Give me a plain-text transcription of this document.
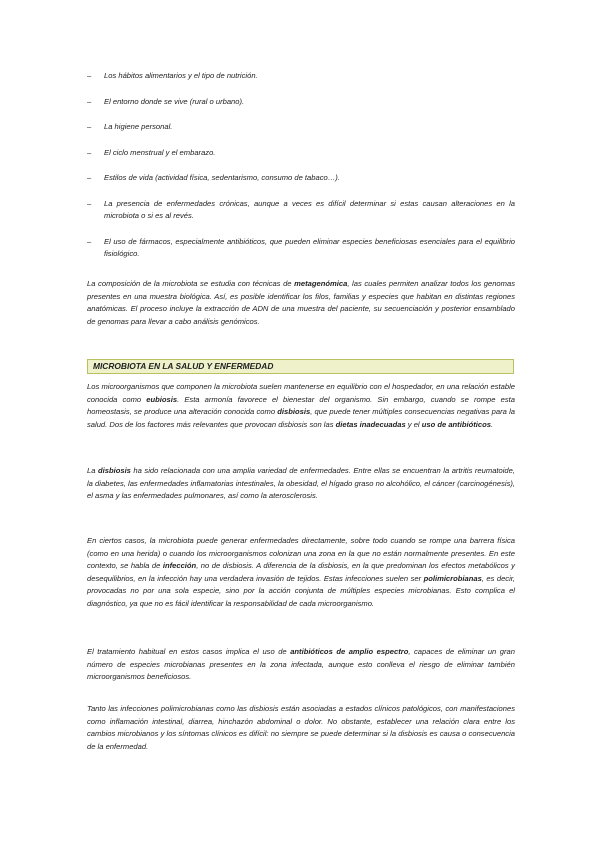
– Los hábitos alimentarios y el tipo de nutrición.
– El entorno donde se vive (rural o urbano).
– La higiene personal.
– El ciclo menstrual y el embarazo.
– Estilos de vida (actividad física, sedentarismo, consumo de tabaco…).
– La presencia de enfermedades crónicas, aunque a veces es difícil determinar si estas causan alteraciones en la microbiota o si es al revés.
– El uso de fármacos, especialmente antibióticos, que pueden eliminar especies beneficiosas esenciales para el equilibrio fisiológico.

La composición de la microbiota se estudia con técnicas de metagenómica, las cuales permiten analizar todos los genomas presentes en una muestra biológica. Así, es posible identificar los filos, familias y especies que habitan en distintas regiones anatómicas. El proceso incluye la extracción de ADN de una muestra del paciente, su secuenciación y posterior ensamblado de genomas para llevar a cabo análisis genómicos.

MICROBIOTA EN LA SALUD Y ENFERMEDAD

Los microorganismos que componen la microbiota suelen mantenerse en equilibrio con el hospedador, en una relación estable conocida como eubiosis. Esta armonía favorece el bienestar del organismo. Sin embargo, cuando se rompe esta homeostasis, se produce una alteración conocida como disbiosis, que puede tener múltiples consecuencias negativas para la salud. Dos de los factores más relevantes que provocan disbiosis son las dietas inadecuadas y el uso de antibióticos.

La disbiosis ha sido relacionada con una amplia variedad de enfermedades. Entre ellas se encuentran la artritis reumatoide, la diabetes, las enfermedades inflamatorias intestinales, la obesidad, el hígado graso no alcohólico, el cáncer (carcinogénesis), el asma y las enfermedades pulmonares, así como la aterosclerosis.

En ciertos casos, la microbiota puede generar enfermedades directamente, sobre todo cuando se rompe una barrera física (como en una herida) o cuando los microorganismos colonizan una zona en la que no están normalmente presentes. En este contexto, se habla de infección, no de disbiosis. A diferencia de la disbiosis, en la que predominan los efectos metabólicos y desequilibrios, en la infección hay una verdadera invasión de tejidos. Estas infecciones suelen ser polimicrobianas, es decir, provocadas no por una sola especie, sino por la acción conjunta de múltiples especies microbianas. Esto complica el diagnóstico, ya que no es fácil identificar la responsabilidad de cada microorganismo.

El tratamiento habitual en estos casos implica el uso de antibióticos de amplio espectro, capaces de eliminar un gran número de especies microbianas presentes en la zona infectada, aunque esto conlleva el riesgo de eliminar también microorganismos beneficiosos.

Tanto las infecciones polimicrobianas como las disbiosis están asociadas a estados clínicos patológicos, con manifestaciones como inflamación intestinal, diarrea, hinchazón abdominal o dolor. No obstante, establecer una relación clara entre los cambios microbianos y los síntomas clínicos es difícil: no siempre se puede determinar si la disbiosis es causa o consecuencia de la enfermedad.
